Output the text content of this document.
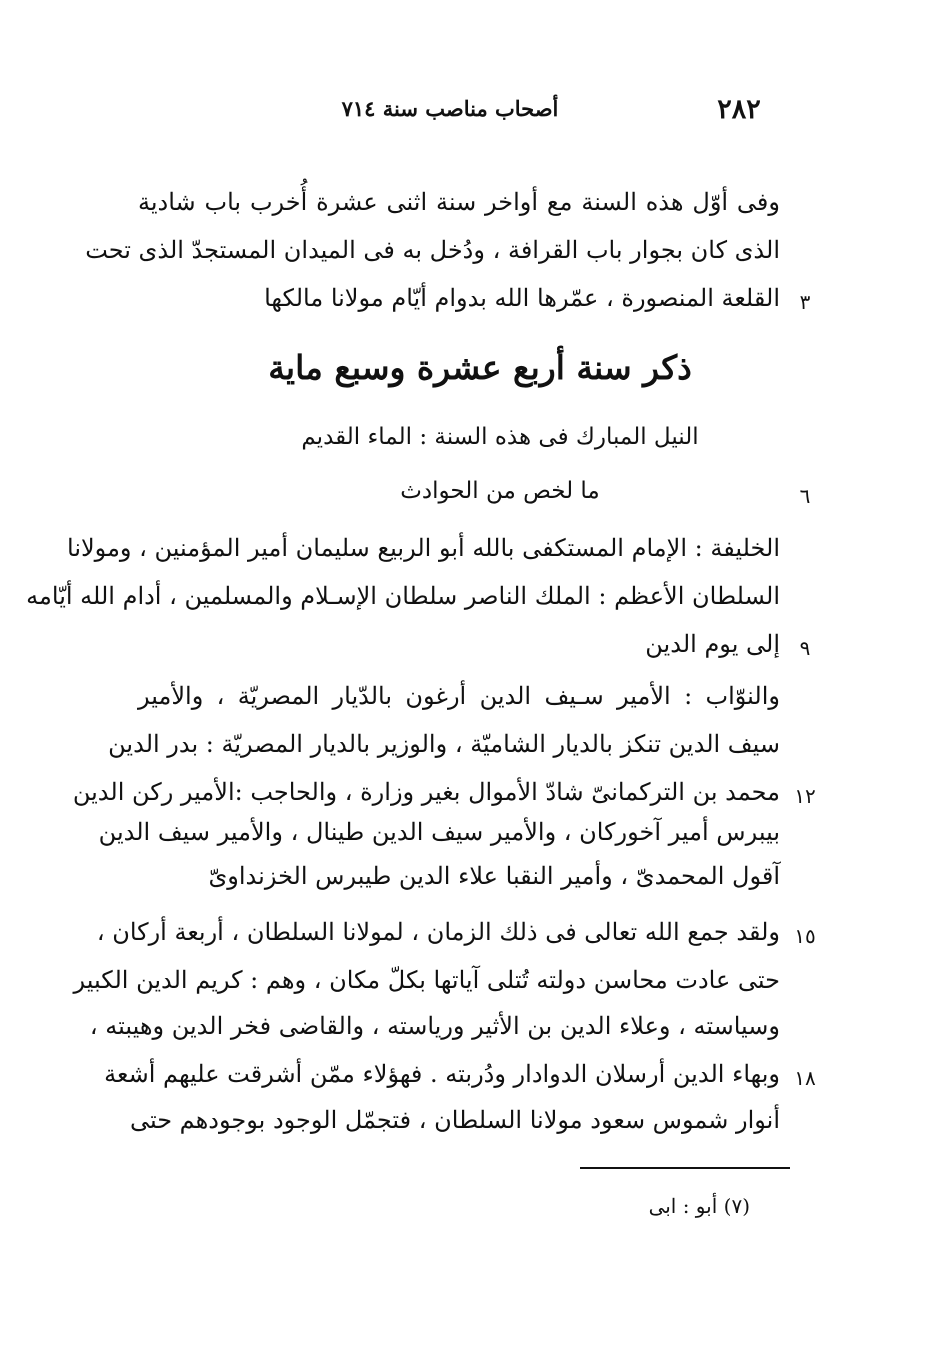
٢٨٢
أصحاب مناصب سنة ٧١٤
وفى أوّل هذه السنة مع أواخر سنة اثنى عشرة أُخرب باب شادية
الذى كان بجوار باب القرافة ، ودُخل به فى الميدان المستجدّ الذى تحت
القلعة المنصورة ، عمّرها الله بدوام أيّام مولانا مالكها ٣
ذكر سنة أربع عشرة وسبع ماية
النيل المبارك فى هذه السنة : الماء القديم
ما لخص من الحوادث	٦
الخليفة : الإمام المستكفى بالله أبو الربيع سليمان أمير المؤمنين ، ومولانا
السلطان الأعظم : الملك الناصر سلطان الإسـلام والمسلمين ، أدام الله أيّامه
إلى يوم الدين ٩
والنوّاب : الأمير سـيف الدين أرغون بالدّيار المصريّة ، والأمير
سيف الدين تنكز بالديار الشاميّة ، والوزير بالديار المصريّة : بدر الدين
محمد بن التركمانىّ شادّ الأموال بغير وزارة ، والحاجب :الأمير ركن الدين ١٢
بيبرس أمير آخوركان ، والأمير سيف الدين طينال ، والأمير سيف الدين
آقول المحمدىّ ، وأمير النقبا علاء الدين طيبرس الخزنداوىّ
ولقد جمع الله تعالى فى ذلك الزمان ، لمولانا السلطان ، أربعة أركان ، ١٥
حتى عادت محاسن دولته تُتلى آياتها بكلّ مكان ، وهم : كريم الدين الكبير
وسياسته ، وعلاء الدين بن الأثير ورياسته ، والقاضى فخر الدين وهيبته ،
وبهاء الدين أرسلان الدوادار ودُربته . فهؤلاء ممّن أشرقت عليهم أشعة ١٨
أنوار شموس سعود مولانا السلطان ، فتجمّل الوجود بوجودهم حتى
(٧) أبو : ابى
